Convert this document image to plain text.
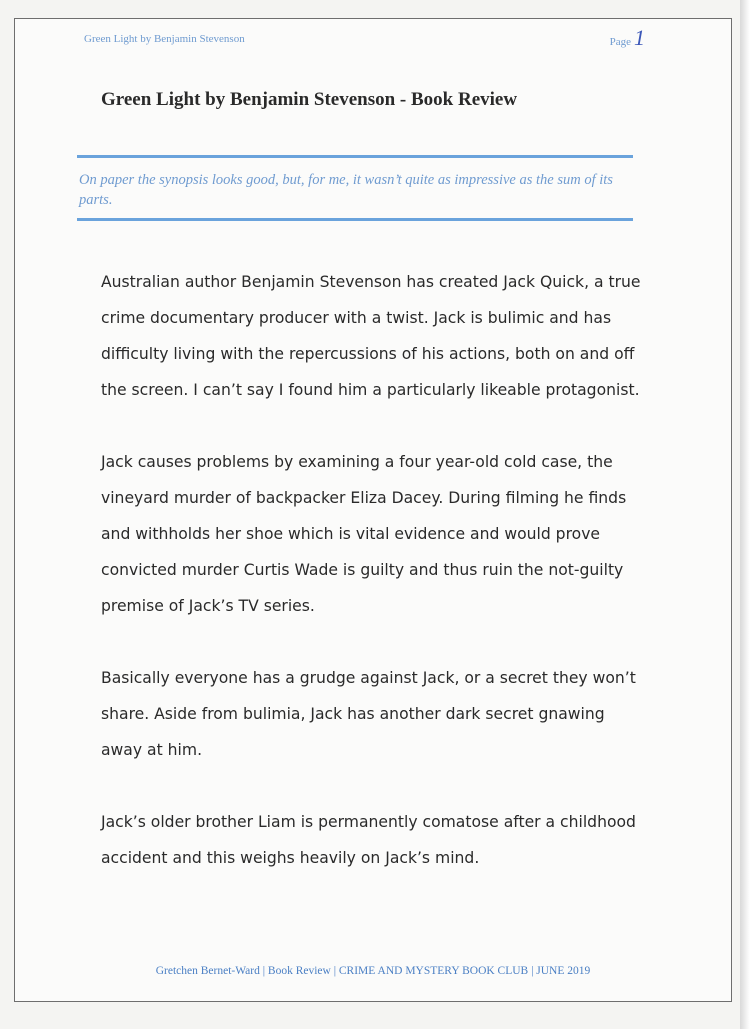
Green Light by Benjamin Stevenson	Page 1
Green Light by Benjamin Stevenson - Book Review

On paper the synopsis looks good, but, for me, it wasn’t quite as impressive as the sum of its parts.

Australian author Benjamin Stevenson has created Jack Quick, a true crime documentary producer with a twist. Jack is bulimic and has difficulty living with the repercussions of his actions, both on and off the screen. I can’t say I found him a particularly likeable protagonist.

Jack causes problems by examining a four year-old cold case, the vineyard murder of backpacker Eliza Dacey. During filming he finds and withholds her shoe which is vital evidence and would prove convicted murder Curtis Wade is guilty and thus ruin the not-guilty premise of Jack’s TV series.

Basically everyone has a grudge against Jack, or a secret they won’t share. Aside from bulimia, Jack has another dark secret gnawing away at him.

Jack’s older brother Liam is permanently comatose after a childhood accident and this weighs heavily on Jack’s mind.

Gretchen Bernet-Ward | Book Review | CRIME AND MYSTERY BOOK CLUB | JUNE 2019
